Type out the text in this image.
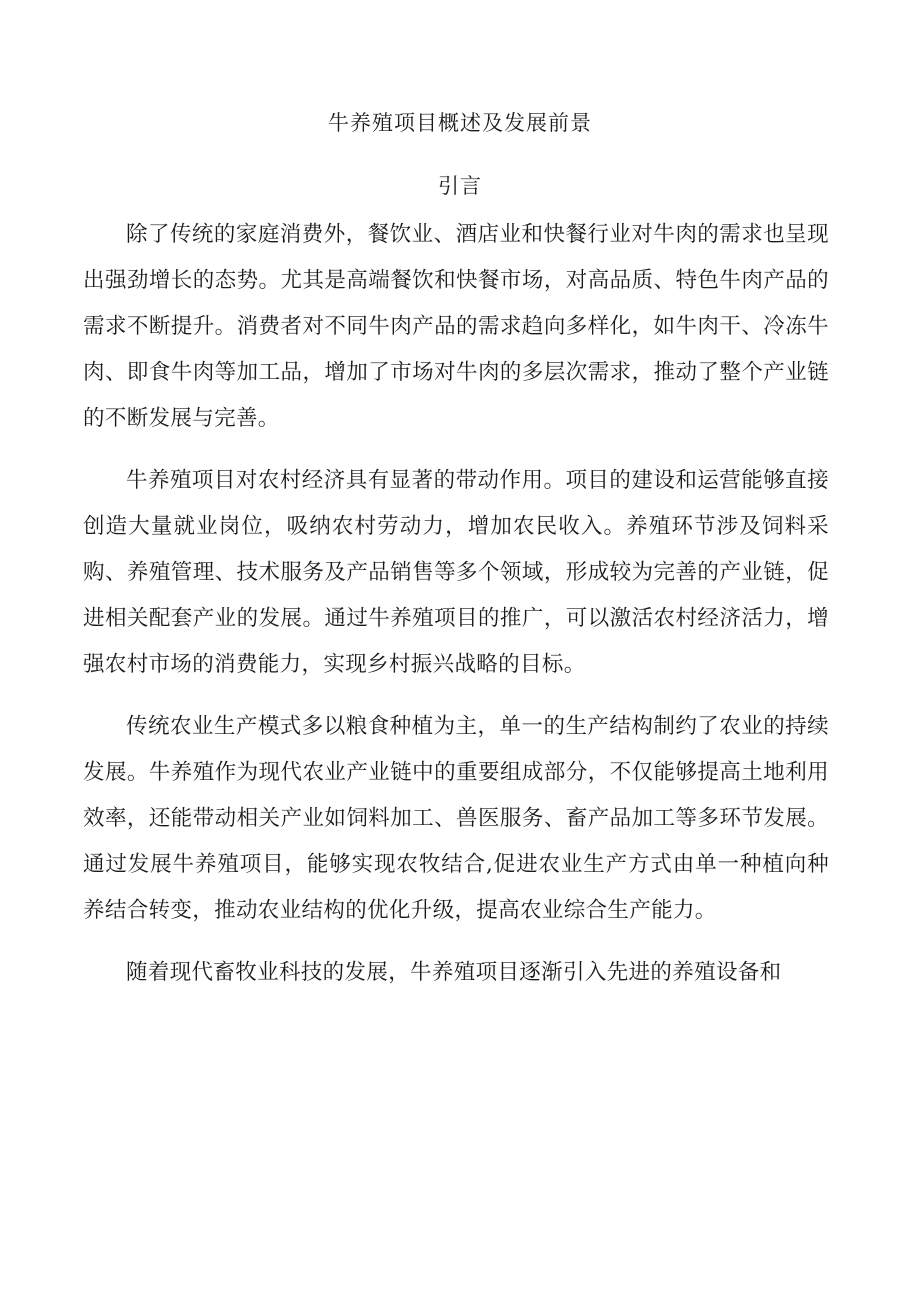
牛养殖项目概述及发展前景
引言

除了传统的家庭消费外，餐饮业、酒店业和快餐行业对牛肉的需求也呈现出强劲增长的态势。尤其是高端餐饮和快餐市场，对高品质、特色牛肉产品的需求不断提升。消费者对不同牛肉产品的需求趋向多样化，如牛肉干、冷冻牛肉、即食牛肉等加工品，增加了市场对牛肉的多层次需求，推动了整个产业链的不断发展与完善。

牛养殖项目对农村经济具有显著的带动作用。项目的建设和运营能够直接创造大量就业岗位，吸纳农村劳动力，增加农民收入。养殖环节涉及饲料采购、养殖管理、技术服务及产品销售等多个领域，形成较为完善的产业链，促进相关配套产业的发展。通过牛养殖项目的推广，可以激活农村经济活力，增强农村市场的消费能力，实现乡村振兴战略的目标。

传统农业生产模式多以粮食种植为主，单一的生产结构制约了农业的持续发展。牛养殖作为现代农业产业链中的重要组成部分，不仅能够提高土地利用效率，还能带动相关产业如饲料加工、兽医服务、畜产品加工等多环节发展。通过发展牛养殖项目，能够实现农牧结合,促进农业生产方式由单一种植向种养结合转变，推动农业结构的优化升级，提高农业综合生产能力。

随着现代畜牧业科技的发展，牛养殖项目逐渐引入先进的养殖设备和
